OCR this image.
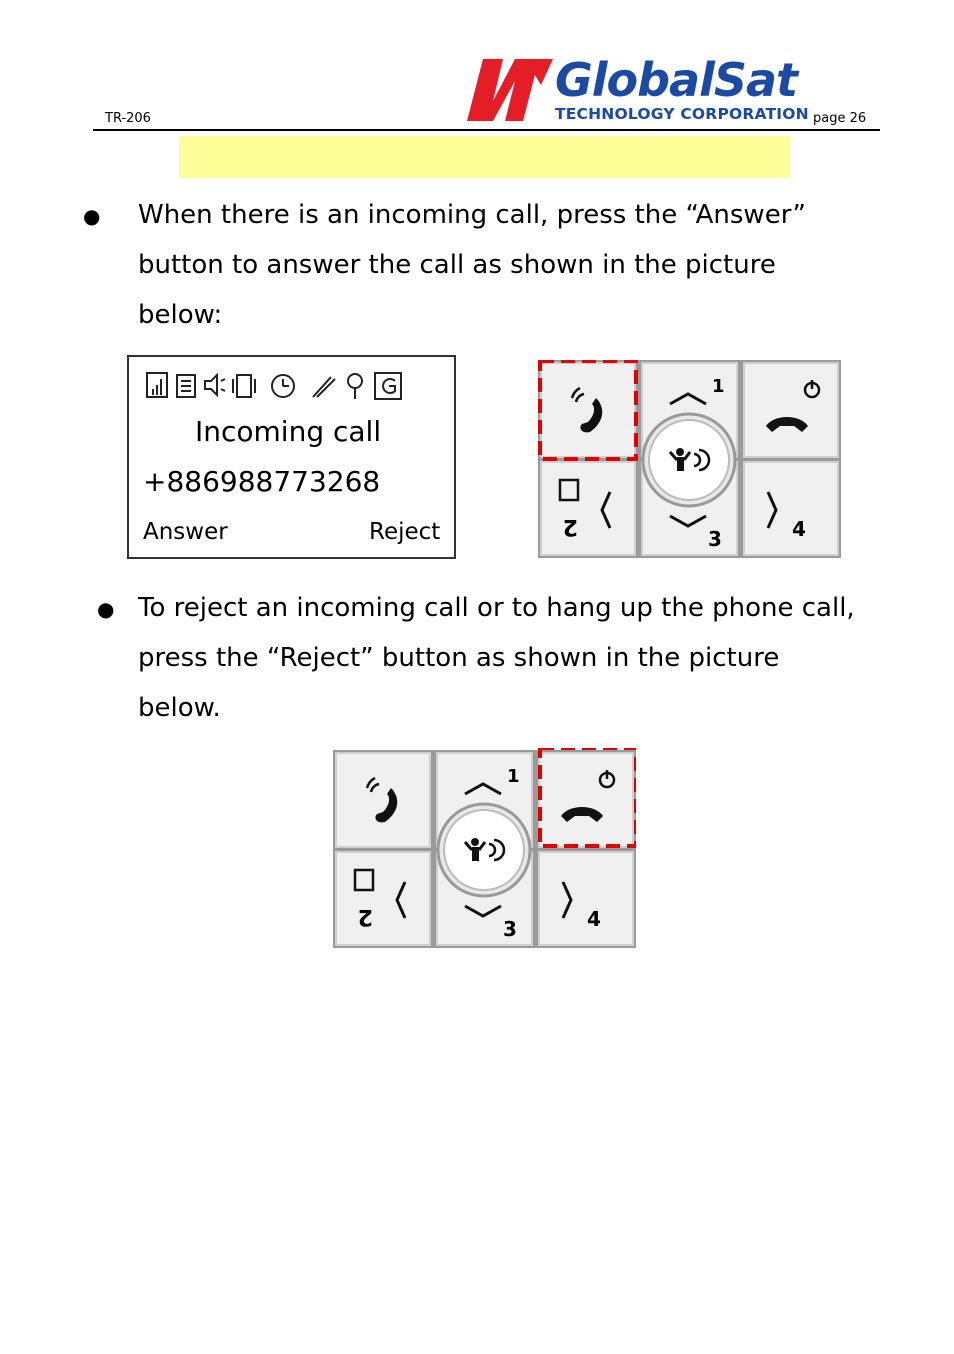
TR-206
GlobalSat
TECHNOLOGY CORPORATION page 26
● When there is an incoming call, press the “Answer”
button to answer the call as shown in the picture
below:
Incoming call
+886988773268
Answer	Reject
1
2	3	4
● To reject an incoming call or to hang up the phone call,
press the “Reject” button as shown in the picture
below.
1
2	3	4
